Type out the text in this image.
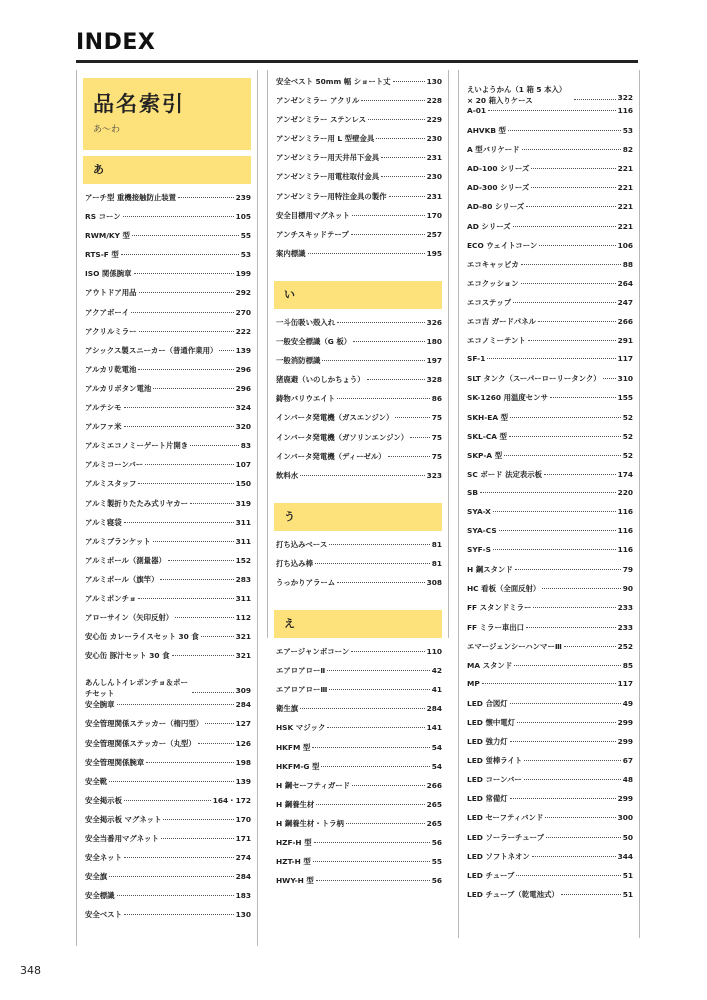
INDEX
品名索引
あ～わ
あ
アーチ型 重機接触防止装置	239
RS コーン	105
RWM/KY 型	55
RTS-F 型	53
ISO 関係腕章	199
アウトドア用品	292
アクアボーイ	270
アクリルミラー	222
アシックス製スニーカー（普通作業用） 139
アルカリ乾電池	296
アルカリボタン電池	296
アルテシモ	324
アルファ米	320
アルミエコノミーゲート片開き	83
アルミコーンバー	107
アルミスタッフ	150
アルミ製折りたたみ式リヤカー	319
アルミ寝袋	311
アルミブランケット	311
アルミポール（測量器）	152
アルミポール（旗竿）	283
アルミポンチョ	311
アローサイン（矢印反射）	112
安心缶 カレーライスセット 30 食	321
安心缶 豚汁セット 30 食	321
あんしんトイレポンチョ＆ポーチセット	309
安全腕章	284
安全管理関係ステッカー（楕円型）	127
安全管理関係ステッカー（丸型）	126
安全管理関係腕章	198
安全靴	139
安全掲示板	164・172
安全掲示板 マグネット	170
安全当番用マグネット	171
安全ネット	274
安全旗	284
安全標識	183
安全ベスト	130
安全ベスト 50mm 幅 ショート丈	130
アンゼンミラー アクリル	228
アンゼンミラー ステンレス	229
アンゼンミラー用 L 型壁金具	230
アンゼンミラー用天井吊下金具	231
アンゼンミラー用電柱取付金具	230
アンゼンミラー用特注金具の製作	231
安全目標用マグネット	170
アンチスキッドテープ	257
案内標識	195
い
一斗缶吸い殻入れ	326
一般安全標識（G 板）	180
一般消防標識	197
猪鹿避（いのしかちょう）	328
鋳物バリウエイト	86
インバータ発電機（ガスエンジン）	75
インバータ発電機（ガソリンエンジン）	75
インバータ発電機（ディーゼル）	75
飲料水	323
う
打ち込みベース	81
打ち込み棒	81
うっかりアラーム	308
え
エアージャンボコーン	110
エアロアローⅡ	42
エアロアローⅢ	41
衛生旗	284
HSK マジック	141
HKFM 型	54
HKFM-G 型	54
H 鋼セーフティガード	266
H 鋼養生材	265
H 鋼養生材・トラ柄	265
HZF-H 型	56
HZT-H 型	55
HWY-H 型	56
えいようかん（1 箱 5 本入）× 20 箱入りケース	322
A-01	116
AHVKB 型	53
A 型バリケード	82
AD-100 シリーズ	221
AD-300 シリーズ	221
AD-80 シリーズ	221
AD シリーズ	221
ECO ウェイトコーン	106
エコキャッピカ	88
エコクッション	264
エコステップ	247
エコ吉 ガードパネル	266
エコノミーテント	291
SF-1	117
SLT タンク（スーパーローリータンク） 310
SK-1260 用温度センサ	155
SKH-EA 型	52
SKL-CA 型	52
SKP-A 型	52
SC ボード 法定表示板	174
SB	220
SYA-X	116
SYA-CS	116
SYF-S	116
H 鋼スタンド	79
HC 看板（全面反射）	90
FF スタンドミラー	233
FF ミラー車出口	233
エマージェンシーハンマーⅢ	252
MA スタンド	85
MP	117
LED 合図灯	49
LED 懐中電灯	299
LED 強力灯	299
LED 蛍棒ライト	67
LED コーンバー	48
LED 常備灯	299
LED セーフティバンド	300
LED ソーラーチューブ	50
LED ソフトネオン	344
LED チューブ	51
LED チューブ（乾電池式）	51
348
